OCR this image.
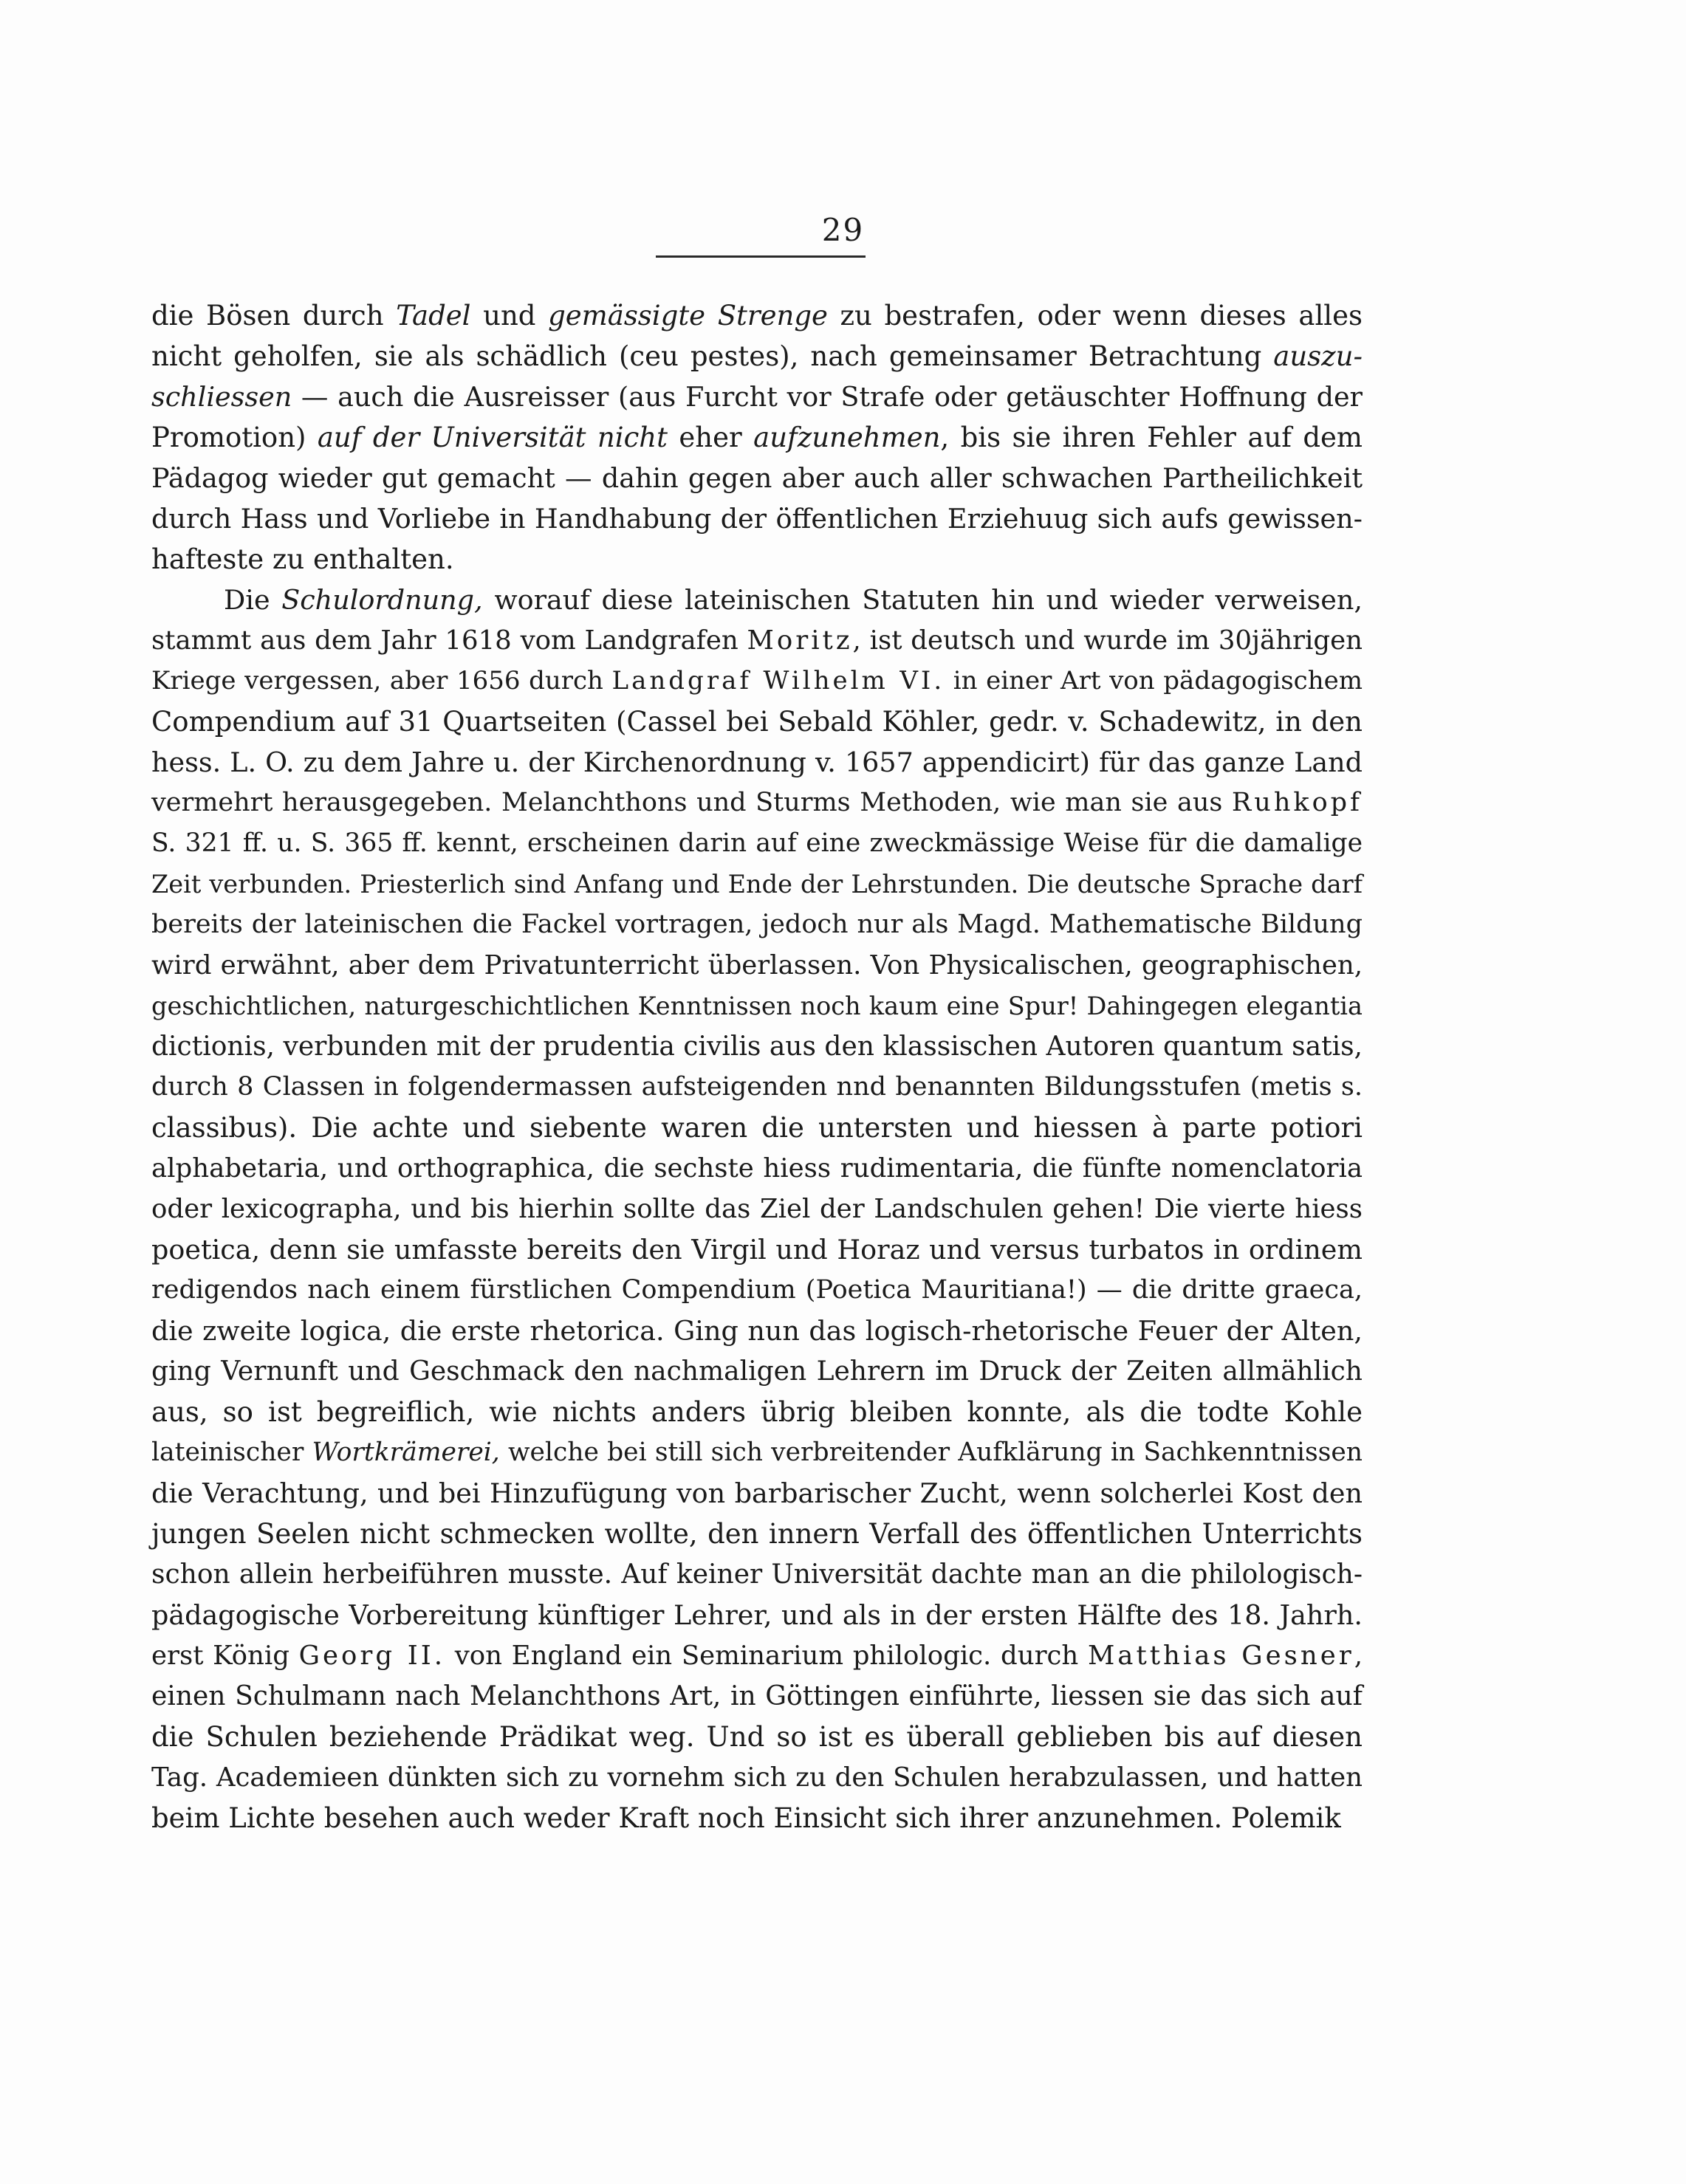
29
die Bösen durch Tadel und gemässigte Strenge zu bestrafen, oder wenn dieses alles
nicht geholfen, sie als schädlich (ceu pestes), nach gemeinsamer Betrachtung auszu-
schliessen — auch die Ausreisser (aus Furcht vor Strafe oder getäuschter Hoffnung der
Promotion) auf der Universität nicht eher aufzunehmen, bis sie ihren Fehler auf dem
Pädagog wieder gut gemacht — dahin gegen aber auch aller schwachen Partheilichkeit
durch Hass und Vorliebe in Handhabung der öffentlichen Erziehuug sich aufs gewissen-
hafteste zu enthalten.
Die Schulordnung, worauf diese lateinischen Statuten hin und wieder verweisen,
stammt aus dem Jahr 1618 vom Landgrafen Moritz, ist deutsch und wurde im 30jährigen
Kriege vergessen, aber 1656 durch Landgraf Wilhelm VI. in einer Art von pädagogischem
Compendium auf 31 Quartseiten (Cassel bei Sebald Köhler, gedr. v. Schadewitz, in den
hess. L. O. zu dem Jahre u. der Kirchenordnung v. 1657 appendicirt) für das ganze Land
vermehrt herausgegeben. Melanchthons und Sturms Methoden, wie man sie aus Ruhkopf
S. 321 ff. u. S. 365 ff. kennt, erscheinen darin auf eine zweckmässige Weise für die damalige
Zeit verbunden. Priesterlich sind Anfang und Ende der Lehrstunden. Die deutsche Sprache darf
bereits der lateinischen die Fackel vortragen, jedoch nur als Magd. Mathematische Bildung
wird erwähnt, aber dem Privatunterricht überlassen. Von Physicalischen, geographischen,
geschichtlichen, naturgeschichtlichen Kenntnissen noch kaum eine Spur! Dahingegen elegantia
dictionis, verbunden mit der prudentia civilis aus den klassischen Autoren quantum satis,
durch 8 Classen in folgendermassen aufsteigenden nnd benannten Bildungsstufen (metis s.
classibus). Die achte und siebente waren die untersten und hiessen à parte potiori
alphabetaria, und orthographica, die sechste hiess rudimentaria, die fünfte nomenclatoria
oder lexicographa, und bis hierhin sollte das Ziel der Landschulen gehen! Die vierte hiess
poetica, denn sie umfasste bereits den Virgil und Horaz und versus turbatos in ordinem
redigendos nach einem fürstlichen Compendium (Poetica Mauritiana!) — die dritte graeca,
die zweite logica, die erste rhetorica. Ging nun das logisch-rhetorische Feuer der Alten,
ging Vernunft und Geschmack den nachmaligen Lehrern im Druck der Zeiten allmählich
aus, so ist begreiflich, wie nichts anders übrig bleiben konnte, als die todte Kohle
lateinischer Wortkrämerei, welche bei still sich verbreitender Aufklärung in Sachkenntnissen
die Verachtung, und bei Hinzufügung von barbarischer Zucht, wenn solcherlei Kost den
jungen Seelen nicht schmecken wollte, den innern Verfall des öffentlichen Unterrichts
schon allein herbeiführen musste. Auf keiner Universität dachte man an die philologisch-
pädagogische Vorbereitung künftiger Lehrer, und als in der ersten Hälfte des 18. Jahrh.
erst König Georg II. von England ein Seminarium philologic. durch Matthias Gesner,
einen Schulmann nach Melanchthons Art, in Göttingen einführte, liessen sie das sich auf
die Schulen beziehende Prädikat weg. Und so ist es überall geblieben bis auf diesen
Tag. Academieen dünkten sich zu vornehm sich zu den Schulen herabzulassen, und hatten
beim Lichte besehen auch weder Kraft noch Einsicht sich ihrer anzunehmen. Polemik
